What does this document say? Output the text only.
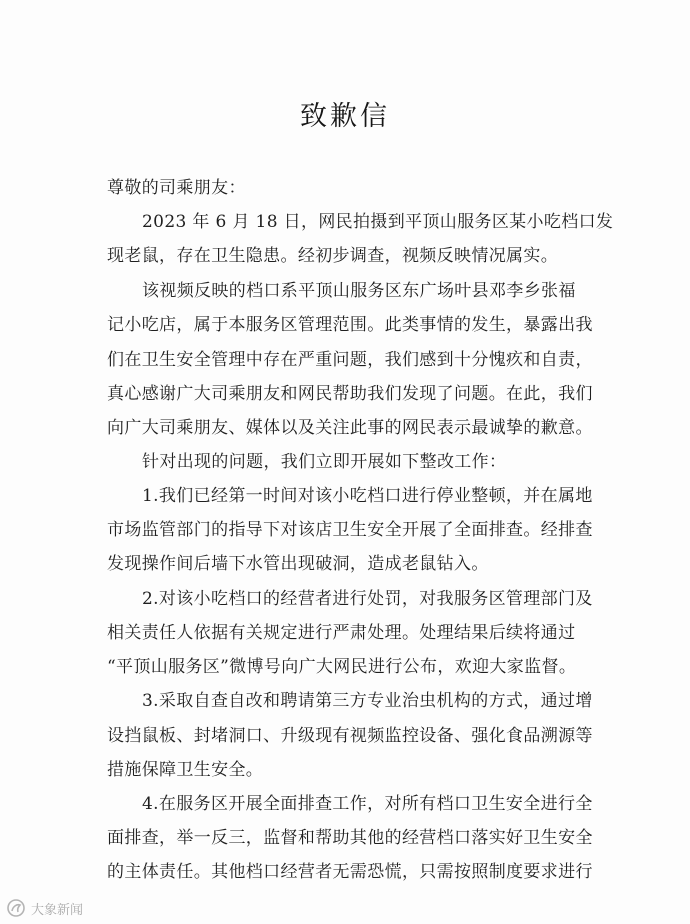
致歉信
尊敬的司乘朋友：
2023 年 6 月 18 日，网民拍摄到平顶山服务区某小吃档口发
现老鼠，存在卫生隐患。经初步调查，视频反映情况属实。
该视频反映的档口系平顶山服务区东广场叶县邓李乡张福
记小吃店，属于本服务区管理范围。此类事情的发生，暴露出我
们在卫生安全管理中存在严重问题，我们感到十分愧疚和自责，
真心感谢广大司乘朋友和网民帮助我们发现了问题。在此，我们
向广大司乘朋友、媒体以及关注此事的网民表示最诚挚的歉意。
针对出现的问题，我们立即开展如下整改工作：
1.我们已经第一时间对该小吃档口进行停业整顿，并在属地
市场监管部门的指导下对该店卫生安全开展了全面排查。经排查
发现操作间后墙下水管出现破洞，造成老鼠钻入。
2.对该小吃档口的经营者进行处罚，对我服务区管理部门及
相关责任人依据有关规定进行严肃处理。处理结果后续将通过
“平顶山服务区”微博号向广大网民进行公布，欢迎大家监督。
3.采取自查自改和聘请第三方专业治虫机构的方式，通过增
设挡鼠板、封堵洞口、升级现有视频监控设备、强化食品溯源等
措施保障卫生安全。
4.在服务区开展全面排查工作，对所有档口卫生安全进行全
面排查，举一反三，监督和帮助其他的经营档口落实好卫生安全
的主体责任。其他档口经营者无需恐慌，只需按照制度要求进行
大象新闻
